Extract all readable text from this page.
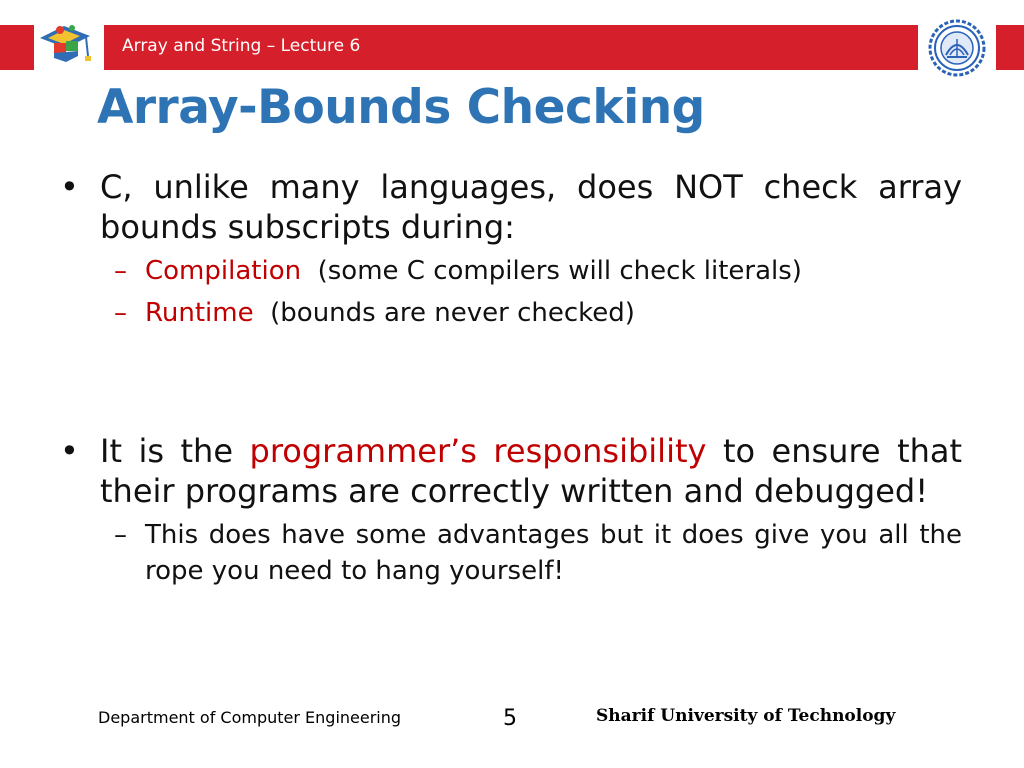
Array and String – Lecture 6
Array-Bounds Checking
• C, unlike many languages, does NOT check array bounds subscripts during:
– Compilation (some C compilers will check literals)
– Runtime (bounds are never checked)
• It is the programmer’s responsibility to ensure that their programs are correctly written and debugged!
– This does have some advantages but it does give you all the rope you need to hang yourself!
Department of Computer Engineering	5	Sharif University of Technology
